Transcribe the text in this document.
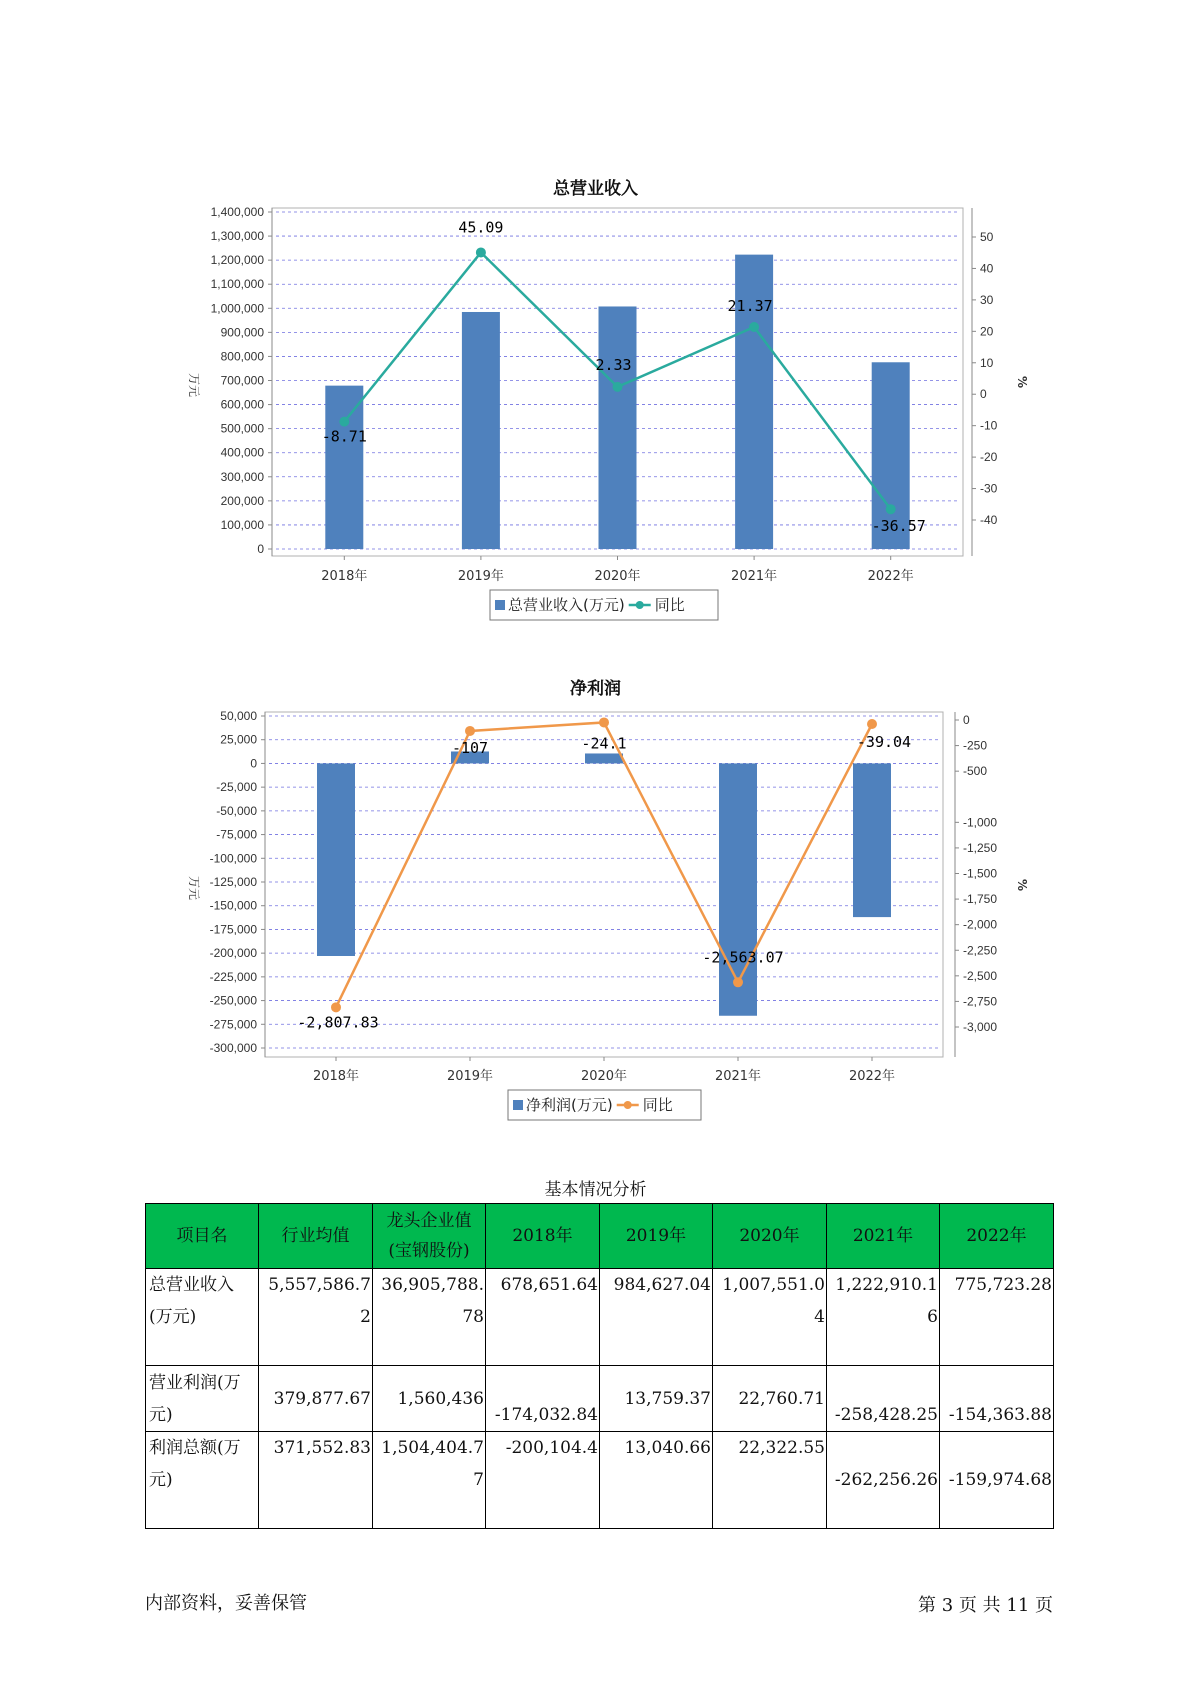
总营业收入
1,400,000
1,300,000
1,200,000
1,100,000
1,000,000
900,000
800,000
700,000
600,000
500,000
400,000
300,000
200,000
100,000
0
万元
50
40
30
20
10
0
-10
-20
-30
-40
%
2018年	2019年	2020年	2021年	2022年
-8.71
45.09
2.33
21.37
-36.57
总营业收入(万元) 同比
净利润
50,000
25,000
0
-25,000
-50,000
-75,000
-100,000
-125,000
-150,000
-175,000
-200,000
-225,000
-250,000
-275,000
-300,000
万元
0
-250
-500
-1,000
-1,250
-1,500
-1,750
-2,000
-2,250
-2,500
-2,750
-3,000
%
2018年	2019年	2020年	2021年	2022年
-2,807.83
-107	-24.1
-2,563.07
-39.04
净利润(万元) 同比
基本情况分析
项目名	行业均值	龙头企业值(宝钢股份)	2018年	2019年	2020年	2021年	2022年
总营业收入(万元)	5,557,586.72	36,905,788.78	678,651.64	984,627.04	1,007,551.04	1,222,910.16	775,723.28
营业利润(万元)	379,877.67	1,560,436	-174,032.84	13,759.37	22,760.71	-258,428.25	-154,363.88
利润总额(万元)	371,552.83	1,504,404.77	-200,104.4	13,040.66	22,322.55	-262,256.26	-159,974.68
内部资料，妥善保管	第 3 页 共 11 页
